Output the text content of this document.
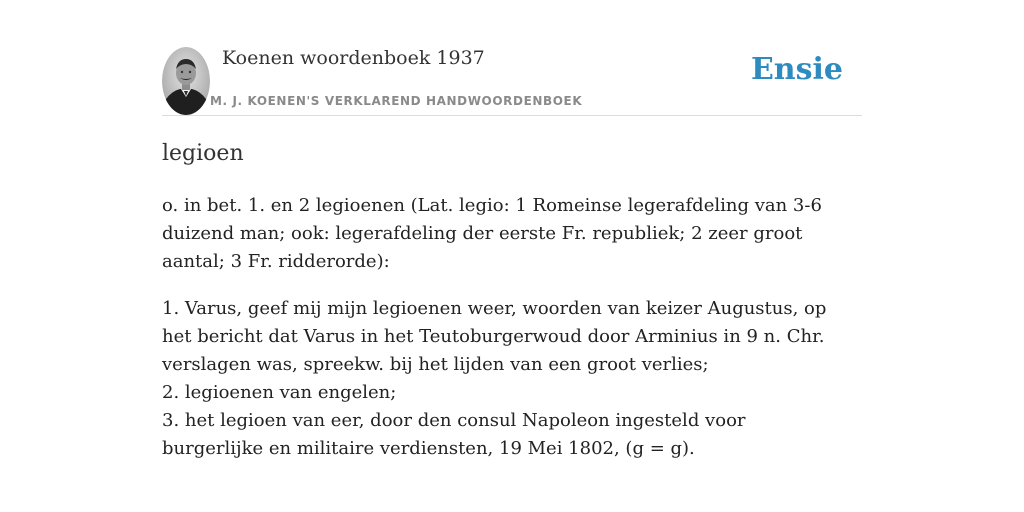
Koenen woordenboek 1937
M. J. KOENEN'S VERKLAREND HANDWOORDENBOEK
Ensie
legioen

o. in bet. 1. en 2 legioenen (Lat. legio: 1 Romeinse legerafdeling van 3-6 duizend man; ook: legerafdeling der eerste Fr. republiek; 2 zeer groot aantal; 3 Fr. ridderorde):

1. Varus, geef mij mijn legioenen weer, woorden van keizer Augustus, op het bericht dat Varus in het Teutoburgerwoud door Arminius in 9 n. Chr. verslagen was, spreekw. bij het lijden van een groot verlies;
2. legioenen van engelen;
3. het legioen van eer, door den consul Napoleon ingesteld voor burgerlijke en militaire verdiensten, 19 Mei 1802, (g = g).
